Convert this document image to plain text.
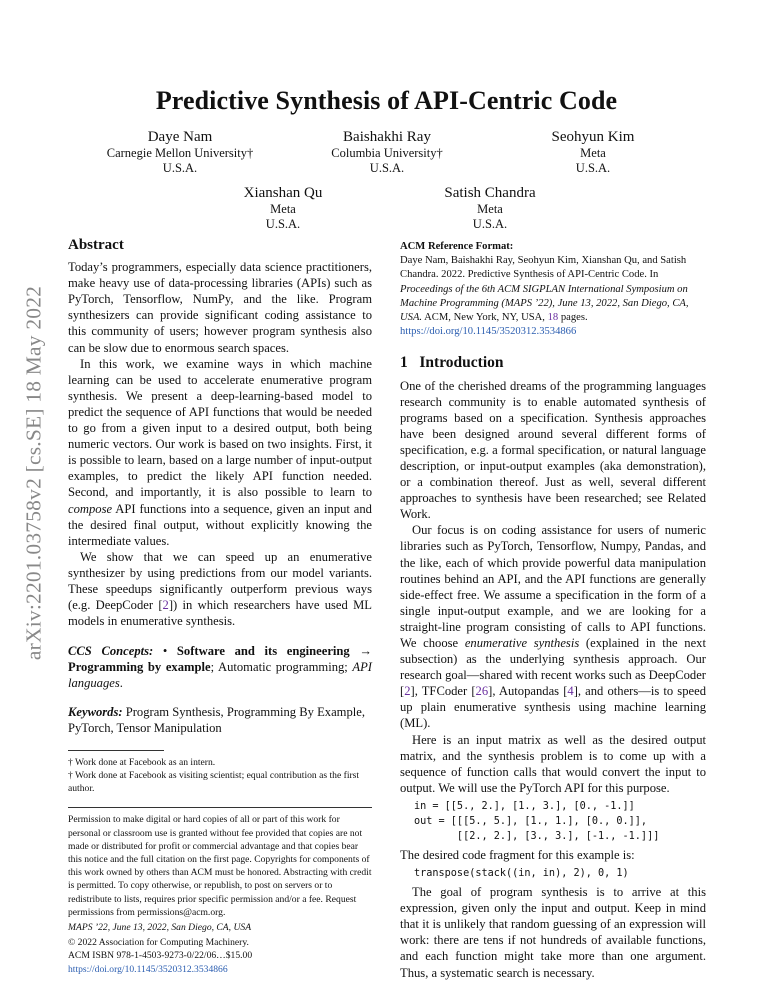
arXiv:2201.03758v2 [cs.SE] 18 May 2022
Predictive Synthesis of API-Centric Code
Daye Nam
Carnegie Mellon University†
U.S.A.
Baishakhi Ray
Columbia University†
U.S.A.
Seohyun Kim
Meta
U.S.A.
Xianshan Qu
Meta
U.S.A.
Satish Chandra
Meta
U.S.A.
Abstract

Today’s programmers, especially data science practitioners, make heavy use of data-processing libraries (APIs) such as PyTorch, Tensorflow, NumPy, and the like. Program synthesizers can provide significant coding assistance to this community of users; however program synthesis also can be slow due to enormous search spaces.

In this work, we examine ways in which machine learning can be used to accelerate enumerative program synthesis. We present a deep-learning-based model to predict the sequence of API functions that would be needed to go from a given input to a desired output, both being numeric vectors. Our work is based on two insights. First, it is possible to learn, based on a large number of input-output examples, to predict the likely API function needed. Second, and importantly, it is also possible to learn to compose API functions into a sequence, given an input and the desired final output, without explicitly knowing the intermediate values.

We show that we can speed up an enumerative synthesizer by using predictions from our model variants. These speedups significantly outperform previous ways (e.g. DeepCoder [2]) in which researchers have used ML models in enumerative synthesis.

CCS Concepts: • Software and its engineering → Programming by example; Automatic programming; API languages.

Keywords: Program Synthesis, Programming By Example, PyTorch, Tensor Manipulation

† Work done at Facebook as an intern.
† Work done at Facebook as visiting scientist; equal contribution as the first author.
Permission to make digital or hard copies of all or part of this work for personal or classroom use is granted without fee provided that copies are not made or distributed for profit or commercial advantage and that copies bear this notice and the full citation on the first page. Copyrights for components of this work owned by others than ACM must be honored. Abstracting with credit is permitted. To copy otherwise, or republish, to post on servers or to redistribute to lists, requires prior specific permission and/or a fee. Request permissions from permissions@acm.org.
MAPS ’22, June 13, 2022, San Diego, CA, USA
© 2022 Association for Computing Machinery.
ACM ISBN 978-1-4503-9273-0/22/06…$15.00
https://doi.org/10.1145/3520312.3534866
ACM Reference Format:

Daye Nam, Baishakhi Ray, Seohyun Kim, Xianshan Qu, and Satish Chandra. 2022. Predictive Synthesis of API-Centric Code. In Proceedings of the 6th ACM SIGPLAN International Symposium on Machine Programming (MAPS ’22), June 13, 2022, San Diego, CA, USA. ACM, New York, NY, USA, 18 pages. https://doi.org/10.1145/3520312.3534866

1   Introduction

One of the cherished dreams of the programming languages research community is to enable automated synthesis of programs based on a specification. Synthesis approaches have been designed around several different forms of specification, e.g. a formal specification, or natural language description, or input-output examples (aka demonstration), or a combination thereof. Just as well, several different approaches to synthesis have been researched; see Related Work.

Our focus is on coding assistance for users of numeric libraries such as PyTorch, Tensorflow, Numpy, Pandas, and the like, each of which provide powerful data manipulation routines behind an API, and the API functions are generally side-effect free. We assume a specification in the form of a single input-output example, and we are looking for a straight-line program consisting of calls to API functions. We choose enumerative synthesis (explained in the next subsection) as the underlying synthesis approach. Our research goal—shared with recent works such as DeepCoder [2], TFCoder [26], Autopandas [4], and others—is to speed up plain enumerative synthesis using machine learning (ML).

Here is an input matrix as well as the desired output matrix, and the synthesis problem is to come up with a sequence of function calls that would convert the input to output. We will use the PyTorch API for this purpose.

in = [[5., 2.], [1., 3.], [0., -1.]]
out = [[[5., 5.], [1., 1.], [0., 0.]],
[[2., 2.], [3., 3.], [-1., -1.]]]

The desired code fragment for this example is:

transpose(stack((in, in), 2), 0, 1)

The goal of program synthesis is to arrive at this expression, given only the input and output. Keep in mind that it is unlikely that random guessing of an expression will work: there are tens if not hundreds of available functions, and each function might take more than one argument. Thus, a systematic search is necessary.
